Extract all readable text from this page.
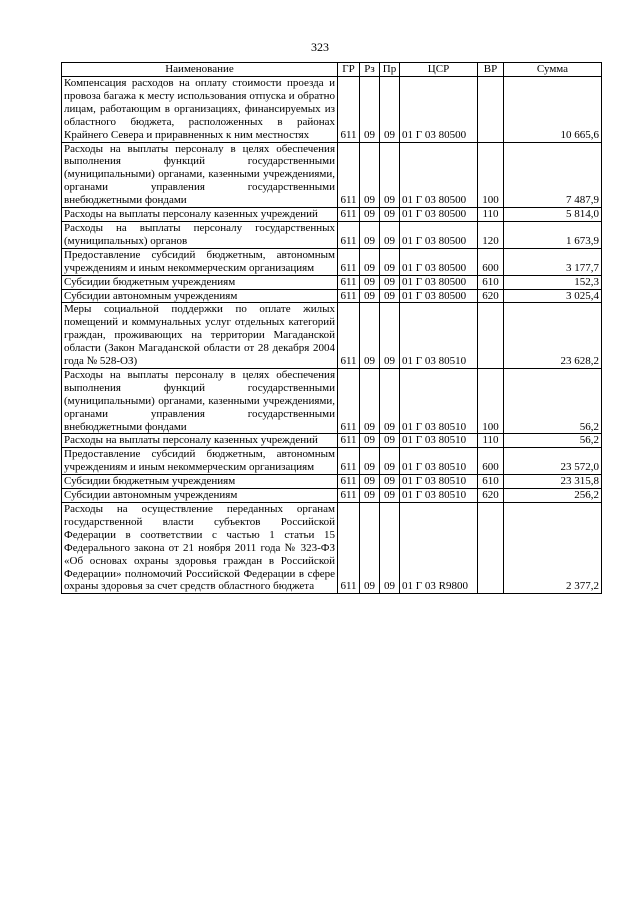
323
Наименование	ГР	Рз	Пр	ЦСР	ВР	Сумма
Компенсация расходов на оплату стоимости проезда и провоза багажа к месту использования отпуска и обратно лицам, работающим в организациях, финансируемых из областного бюджета, расположенных в районах Крайнего Севера и приравненных к ним местностях	611	09	09	01 Г 03 80500		10 665,6
Расходы на выплаты персоналу в целях обеспечения выполнения функций государственными (муниципальными) органами, казенными учреждениями, органами управления государственными внебюджетными фондами	611	09	09	01 Г 03 80500	100	7 487,9
Расходы на выплаты персоналу казенных учреждений	611	09	09	01 Г 03 80500	110	5 814,0
Расходы на выплаты персоналу государственных (муниципальных) органов	611	09	09	01 Г 03 80500	120	1 673,9
Предоставление субсидий бюджетным, автономным учреждениям и иным некоммерческим организациям	611	09	09	01 Г 03 80500	600	3 177,7
Субсидии бюджетным учреждениям	611	09	09	01 Г 03 80500	610	152,3
Субсидии автономным учреждениям	611	09	09	01 Г 03 80500	620	3 025,4
Меры социальной поддержки по оплате жилых помещений и коммунальных услуг отдельных категорий граждан, проживающих на территории Магаданской области (Закон Магаданской области от 28 декабря 2004 года № 528-ОЗ)	611	09	09	01 Г 03 80510		23 628,2
Расходы на выплаты персоналу в целях обеспечения выполнения функций государственными (муниципальными) органами, казенными учреждениями, органами управления государственными внебюджетными фондами	611	09	09	01 Г 03 80510	100	56,2
Расходы на выплаты персоналу казенных учреждений	611	09	09	01 Г 03 80510	110	56,2
Предоставление субсидий бюджетным, автономным учреждениям и иным некоммерческим организациям	611	09	09	01 Г 03 80510	600	23 572,0
Субсидии бюджетным учреждениям	611	09	09	01 Г 03 80510	610	23 315,8
Субсидии автономным учреждениям	611	09	09	01 Г 03 80510	620	256,2
Расходы на осуществление переданных органам государственной власти субъектов Российской Федерации в соответствии с частью 1 статьи 15 Федерального закона от 21 ноября 2011 года № 323-ФЗ «Об основах охраны здоровья граждан в Российской Федерации» полномочий Российской Федерации в сфере охраны здоровья за счет средств областного бюджета	611	09	09	01 Г 03 R9800		2 377,2
